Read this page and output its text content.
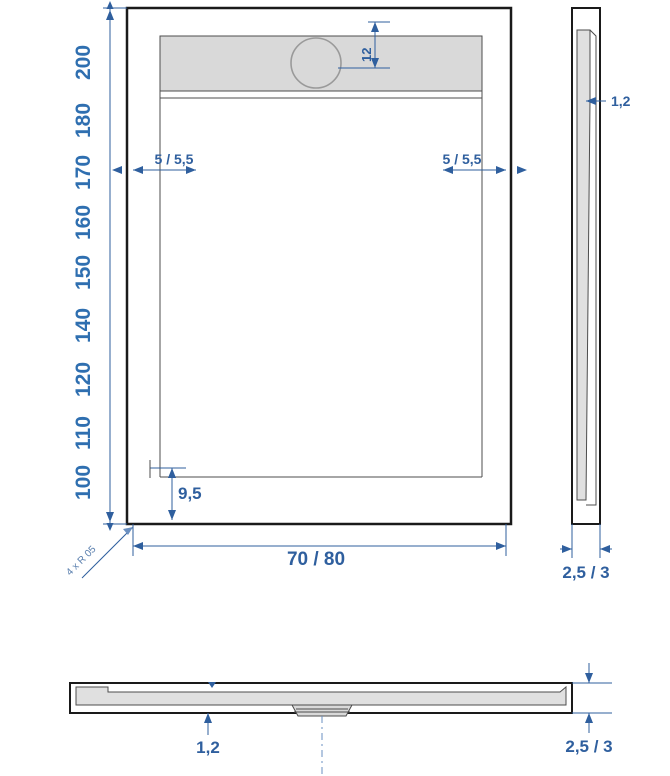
200
180
170
160
150
140
120
110
100
12
5 / 5,5	5 / 5,5
9,5
70 / 80
4 x R 05
1,2
2,5 / 3
1,2	2,5 / 3
